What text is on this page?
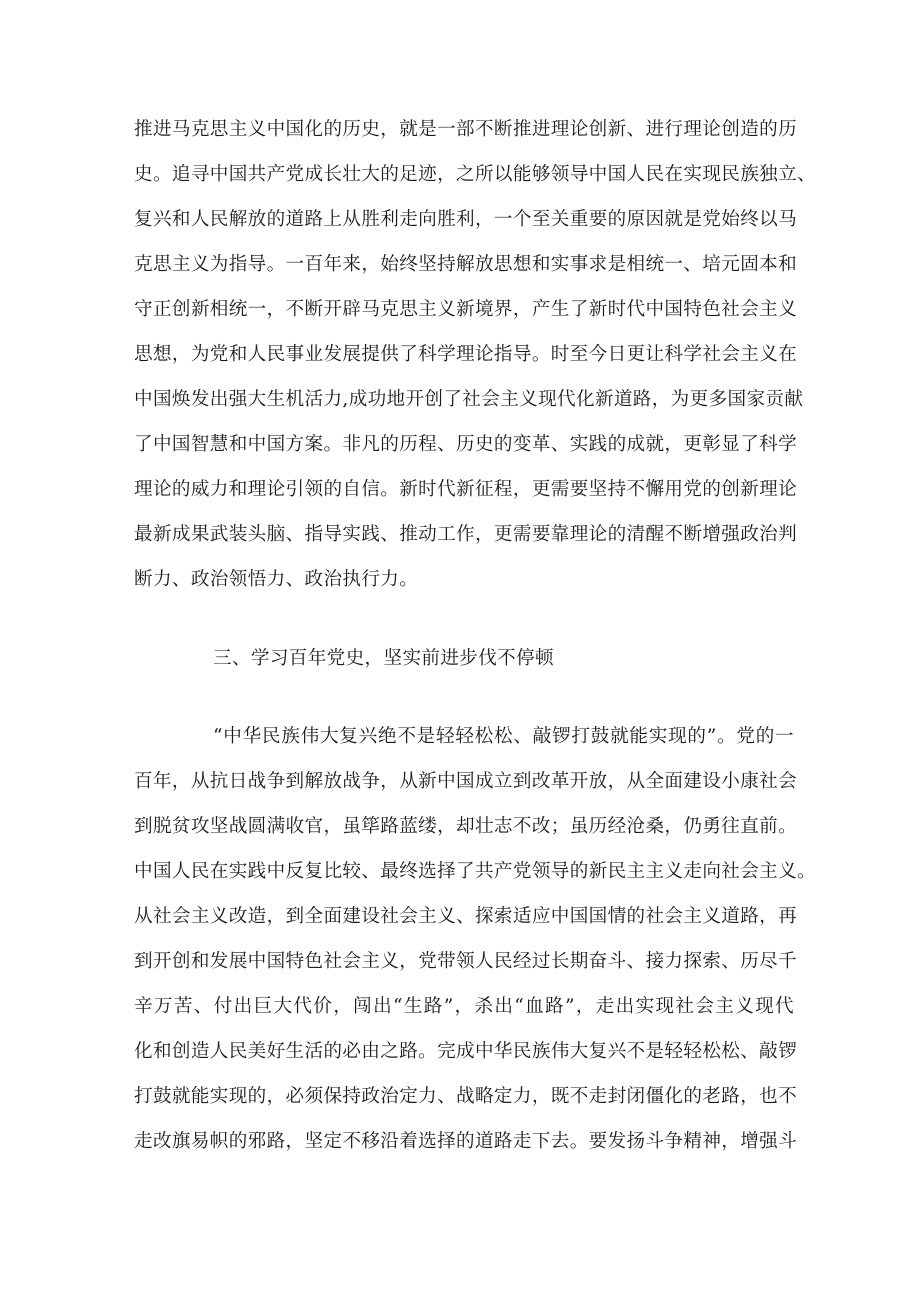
推进马克思主义中国化的历史，就是一部不断推进理论创新、进行理论创造的历
史。追寻中国共产党成长壮大的足迹，之所以能够领导中国人民在实现民族独立、
复兴和人民解放的道路上从胜利走向胜利，一个至关重要的原因就是党始终以马
克思主义为指导。一百年来，始终坚持解放思想和实事求是相统一、培元固本和
守正创新相统一，不断开辟马克思主义新境界，产生了新时代中国特色社会主义
思想，为党和人民事业发展提供了科学理论指导。时至今日更让科学社会主义在
中国焕发出强大生机活力,成功地开创了社会主义现代化新道路，为更多国家贡献
了中国智慧和中国方案。非凡的历程、历史的变革、实践的成就，更彰显了科学
理论的威力和理论引领的自信。新时代新征程，更需要坚持不懈用党的创新理论
最新成果武装头脑、指导实践、推动工作，更需要靠理论的清醒不断增强政治判
断力、政治领悟力、政治执行力。
三、学习百年党史，坚实前进步伐不停顿
“中华民族伟大复兴绝不是轻轻松松、敲锣打鼓就能实现的”。党的一
百年，从抗日战争到解放战争，从新中国成立到改革开放，从全面建设小康社会
到脱贫攻坚战圆满收官，虽筚路蓝缕，却壮志不改；虽历经沧桑，仍勇往直前。
中国人民在实践中反复比较、最终选择了共产党领导的新民主主义走向社会主义。
从社会主义改造，到全面建设社会主义、探索适应中国国情的社会主义道路，再
到开创和发展中国特色社会主义，党带领人民经过长期奋斗、接力探索、历尽千
辛万苦、付出巨大代价，闯出“生路”，杀出“血路”，走出实现社会主义现代
化和创造人民美好生活的必由之路。完成中华民族伟大复兴不是轻轻松松、敲锣
打鼓就能实现的，必须保持政治定力、战略定力，既不走封闭僵化的老路，也不
走改旗易帜的邪路，坚定不移沿着选择的道路走下去。要发扬斗争精神，增强斗
